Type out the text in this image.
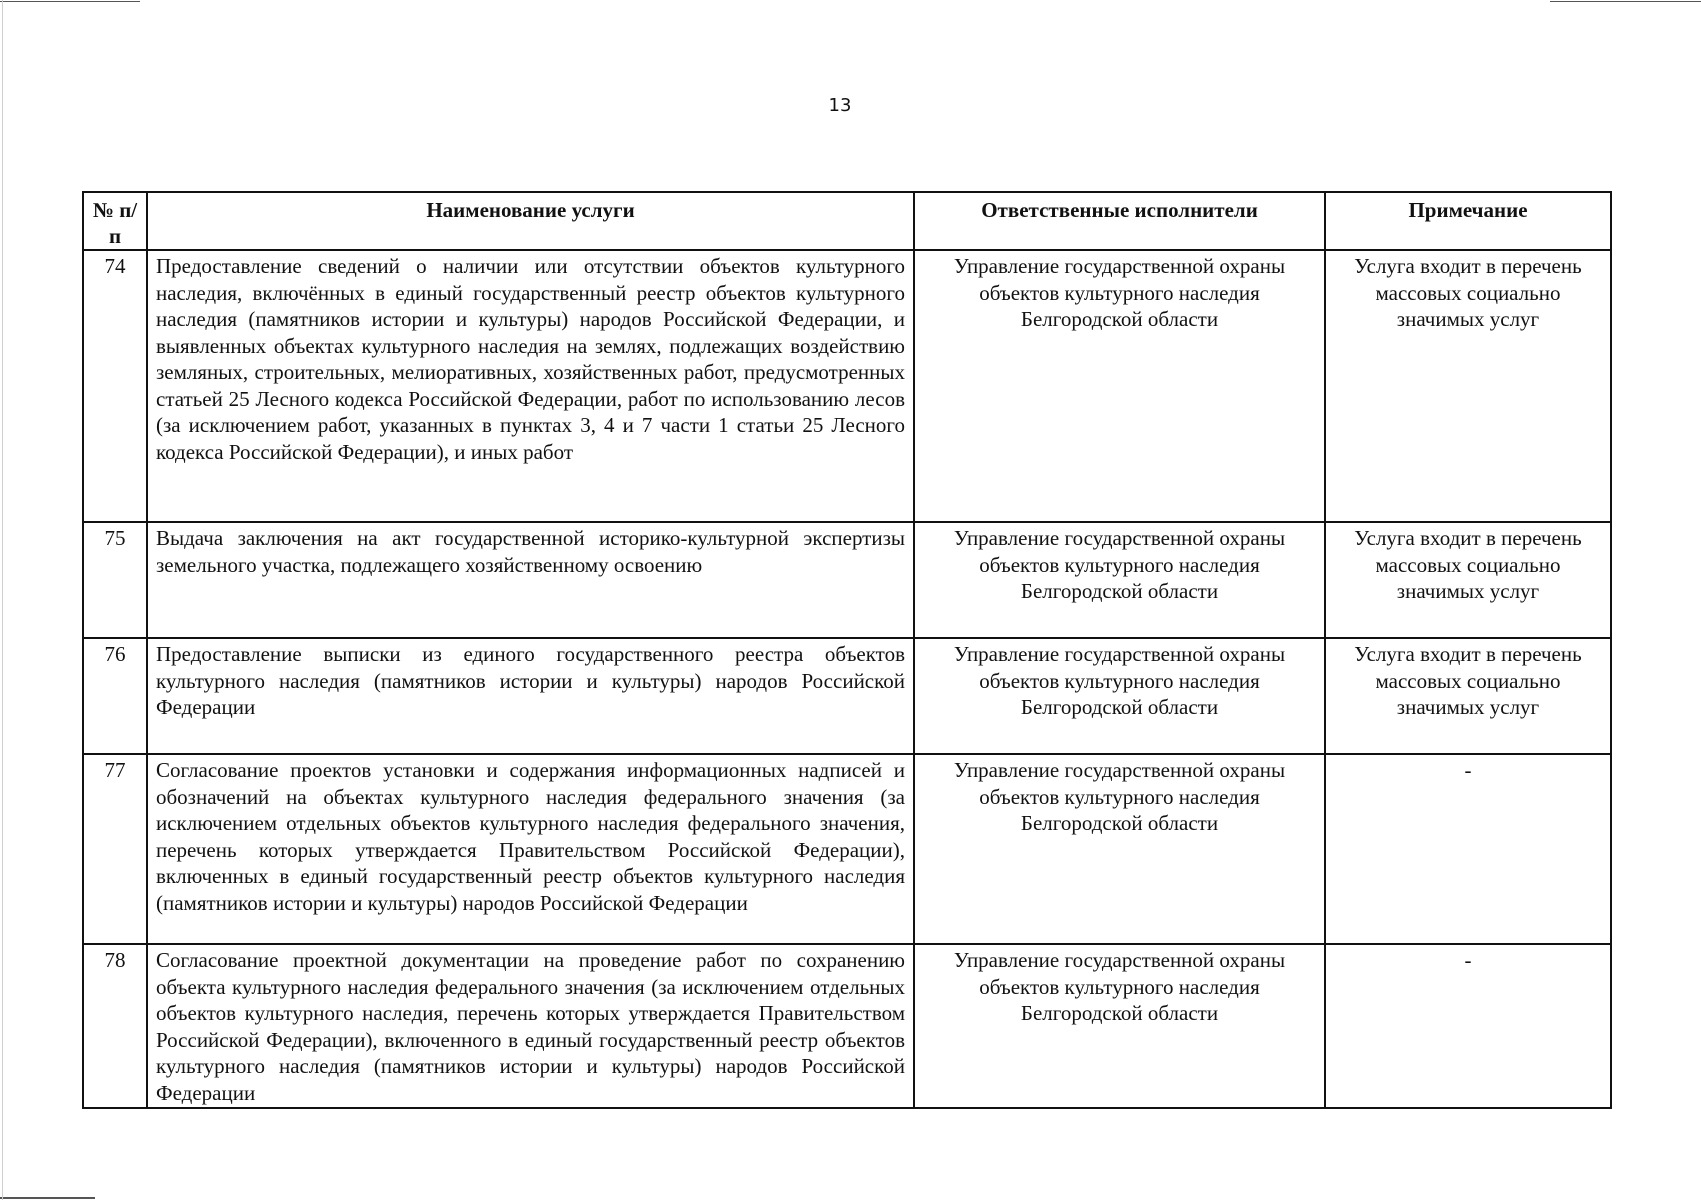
13
№ п/п	Наименование услуги	Ответственные исполнители	Примечание
74	Предоставление сведений о наличии или отсутствии объектов культурного наследия, включённых в единый государственный реестр объектов культурного наследия (памятников истории и культуры) народов Российской Федерации, и выявленных объектах культурного наследия на землях, подлежащих воздействию земляных, строительных, мелиоративных, хозяйственных работ, предусмотренных статьей 25 Лесного кодекса Российской Федерации, работ по использованию лесов (за исключением работ, указанных в пунктах 3, 4 и 7 части 1 статьи 25 Лесного кодекса Российской Федерации), и иных работ	Управление государственной охраны объектов культурного наследия Белгородской области	Услуга входит в перечень массовых социально значимых услуг
75	Выдача заключения на акт государственной историко-культурной экспертизы земельного участка, подлежащего хозяйственному освоению	Управление государственной охраны объектов культурного наследия Белгородской области	Услуга входит в перечень массовых социально значимых услуг
76	Предоставление выписки из единого государственного реестра объектов культурного наследия (памятников истории и культуры) народов Российской Федерации	Управление государственной охраны объектов культурного наследия Белгородской области	Услуга входит в перечень массовых социально значимых услуг
77	Согласование проектов установки и содержания информационных надписей и обозначений на объектах культурного наследия федерального значения (за исключением отдельных объектов культурного наследия федерального значения, перечень которых утверждается Правительством Российской Федерации), включенных в единый государственный реестр объектов культурного наследия (памятников истории и культуры) народов Российской Федерации	Управление государственной охраны объектов культурного наследия Белгородской области	-
78	Согласование проектной документации на проведение работ по сохранению объекта культурного наследия федерального значения (за исключением отдельных объектов культурного наследия, перечень которых утверждается Правительством Российской Федерации), включенного в единый государственный реестр объектов культурного наследия (памятников истории и культуры) народов Российской Федерации	Управление государственной охраны объектов культурного наследия Белгородской области	-
